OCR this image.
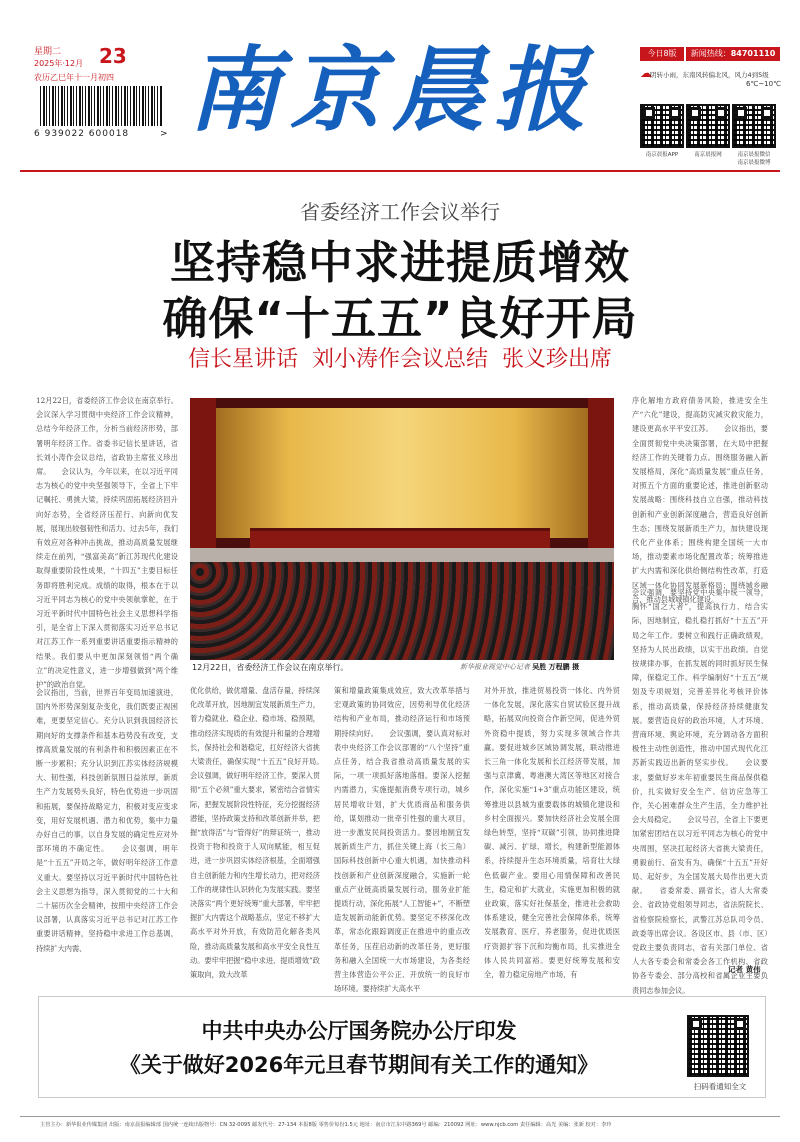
星期二
2025年·12月 23
农历乙巳年十一月初四
6 939022 600018	> 南京晨报	今日8版	新闻热线：84701110
☁
阴转小雨，东南风转偏北风，风力4到5级
6℃~10℃
南京晨报APP	南京晨报网	南京晨报微信
南京晨报微博
省委经济工作会议举行
坚持稳中求进提质增效
确保“十五五”良好开局
信长星讲话  刘小涛作会议总结  张义珍出席
12月22日，省委经济工作会议在南京举行。会议深入学习贯彻中央经济工作会议精神，总结今年经济工作，分析当前经济形势，部署明年经济工作。省委书记信长星讲话，省长刘小涛作会议总结，省政协主席张义珍出席。　　会议认为，今年以来，在以习近平同志为核心的党中央坚强领导下，全省上下牢记嘱托、勇挑大梁，持续巩固拓展经济回升向好态势，全省经济压茬行、向新向优发展，展现出较强韧性和活力。过去5年，我们有效应对各种冲击挑战，推动高质量发展继续走在前列，“强富美高”新江苏现代化建设取得重要阶段性成果，“十四五”主要目标任务即将胜利完成。成绩的取得，根本在于以习近平同志为核心的党中央领航掌舵，在于习近平新时代中国特色社会主义思想科学指引，是全省上下深入贯彻落实习近平总书记对江苏工作一系列重要讲话重要指示精神的结果。我们要从中更加深刻领悟“两个确立”的决定性意义，进一步增强做到“两个维护”的政治自觉。
会议指出，当前，世界百年变局加速演进，国内外形势深刻复杂变化，我们既要正视困难，更要坚定信心。充分认识到我国经济长期向好的支撑条件和基本趋势没有改变，支撑高质量发展的有利条件和积极因素正在不断一步累积；充分认识到江苏实体经济规模大、韧性强，科技创新氛围日益浓厚，新质生产力发展势头良好，特色优势进一步巩固和拓展，要保持战略定力，积极对变应变求变，用好发展机遇、潜力和优势，集中力量办好自己的事，以自身发展的确定性应对外部环境的不确定性。　　会议强调，明年是“十五五”开局之年，做好明年经济工作意义重大。要坚持以习近平新时代中国特色社会主义思想为指导，深入贯彻党的二十大和二十届历次全会精神，按照中央经济工作会议部署，认真落实习近平总书记对江苏工作重要讲话精神，坚持稳中求进工作总基调，持续扩大内需、
12月22日，省委经济工作会议在南京举行。	新华报业视觉中心记者 吴胜 万程鹏 摄
优化供给，做优增量、盘活存量，持续深化改革开放，因地制宜发展新质生产力，着力稳就业、稳企业、稳市场、稳预期，推动经济实现质的有效提升和量的合理增长，保持社会和谐稳定，扛好经济大省挑大梁责任，确保实现“十五五”良好开局。　　会议强调，做好明年经济工作，要深入贯彻“五个必须”重大要求，紧密结合省情实际，把握发展阶段性特征，充分挖掘经济潜能，坚持政策支持和改革创新并举，把握“放得活”与“管得好”的辩证统一，推动投资于物和投资于人双向赋能，相互促进，进一步巩固实体经济根基，全面增强自主创新能力和内生增长动力，把对经济工作的规律性认识转化为发展实践。要坚决落实“两个更好统筹”重大部署，牢牢把握扩大内需这个战略基点，坚定不移扩大高水平对外开放，有效防范化解各类风险，推动高质量发展和高水平安全良性互动。要牢牢把握“稳中求进、提质增效”政策取向，致大改革
策和增量政策集成效应，致大改革举措与宏观政策的协同效应，因势利导优化经济结构和产业布局，推动经济运行和市场预期持续向好。　　会议强调，要认真对标对表中央经济工作会议部署的“八个坚持”重点任务，结合我省推动高质量发展的实际，一项一项抓好落地落细。要深入挖掘内需潜力，实施提振消费专项行动，城乡居民增收计划，扩大优质商品和服务供给，谋划推动一批牵引性强的重大项目，进一步激发民间投资活力。要因地制宜发展新质生产力，抓住关键上海（长三角）国际科技创新中心重大机遇，加快推动科技创新和产业创新深度融合，实施新一轮重点产业链高质量发展行动，服务业扩能提质行动，深化拓展“人工智能+”，不断塑造发展新动能新优势。要坚定不移深化改革，常态化跟踪调度正在推进中的重点改革任务，压茬启动新的改革任务，更好服务和融入全国统一大市场建设，为各类经营主体营造公平公正、开放统一的良好市场环境。要持续扩大高水平
对外开放，推进贸易投资一体化、内外贸一体化发展，深化落实自贸试验区提升战略，拓展双向投资合作新空间，促进外贸外资稳中提质，努力实现多领域合作共赢。要促进城乡区域协调发展，联动推进长三角一体化发展和长江经济带发展，加强与京津冀、粤港澳大湾区等地区对接合作，深化实施“1+3”重点功能区建设，统筹推进以县城为重要载体的城镇化建设和乡村全面振兴。要加快经济社会发展全面绿色转型，坚持“双碳”引领，协同推进降碳、减污、扩绿、增长，构建新型能源体系，持续提升生态环境质量，培育壮大绿色低碳产业。要用心用情保障和改善民生，稳定和扩大就业，实施更加积极的就业政策，落实好社保基金，推进社会救助体系建设，健全完善社会保障体系，统筹发展教育、医疗、养老服务，促进优质医疗资源扩容下沉和均衡布局，扎实推进全体人民共同富裕。要更好统筹发展和安全，着力稳定房地产市场，有
序化解地方政府债务风险，推进安全生产“六化”建设，提高防灾减灾救灾能力，建设更高水平平安江苏。　　会议指出，要全面贯彻党中央决策部署，在大局中把握经济工作的关键着力点。围绕服务融入新发展格局，深化“高质量发展”重点任务，对照五个方面的重要论述，推进创新驱动发展战略：围绕科技自立自强，推动科技创新和产业创新深度融合，营造良好创新生态；围绕发展新质生产力，加快建设现代化产业体系；围绕构建全国统一大市场，推动要素市场化配置改革；统筹推进扩大内需和深化供给侧结构性改革，打造区域一体化协同发展新格局；围绕城乡融合，推动县城城镇化建设。
会议强调，要坚持党中央集中统一领导，胸怀“国之大者”，提高执行力、结合实际，因地制宜，稳扎稳打抓好“十五五”开局之年工作。要树立和践行正确政绩观，坚持为人民出政绩，以实干出政绩。自觉按规律办事，在抓发展的同时抓好民生保障，保稳定工作。科学编制好“十五五”规划及专项规划，完善差异化考核评价体系，推动高质量，保持经济持续健康发展。要营造良好的政治环境，人才环境、营商环境、舆论环境，充分调动各方面积极性主动性创造性，推动中国式现代化江苏新实践迈出新的坚实步伐。　　会议要求，要做好岁末年初重要民生商品保供稳价，扎实做好安全生产、信访应急等工作，关心困难群众生产生活，全力维护社会大局稳定。　　会议号召，全省上下要更加紧密团结在以习近平同志为核心的党中央周围，坚决扛起经济大省挑大梁责任，勇毅前行、奋发有为，确保“十五五”开好局、起好步，为全国发展大局作出更大贡献。　　省委常委、副省长，省人大常委会、省政协党组领导同志，省法院院长、省检察院检察长，武警江苏总队司令员、政委等出席会议。各设区市、县（市、区）党政主要负责同志，省有关部门单位、省人大各专委会和常委会各工作机构、省政协各专委会、部分高校和省属企业主要负责同志参加会议。
记者 黄伟
中共中央办公厅国务院办公厅印发
《关于做好2026年元旦春节期间有关工作的通知》
扫码看通知全文
主管主办：新华报业传媒集团 出版：南京晨报编辑部 国内统一连续出版物号：CN 32-0095 邮发代号：27-134 本报8版 零售价每份1.5元 地址：南京市江东中路369号 邮编：210092 网址：www.njcb.com 责任编辑：高光 美编：张新 校对：李玲
